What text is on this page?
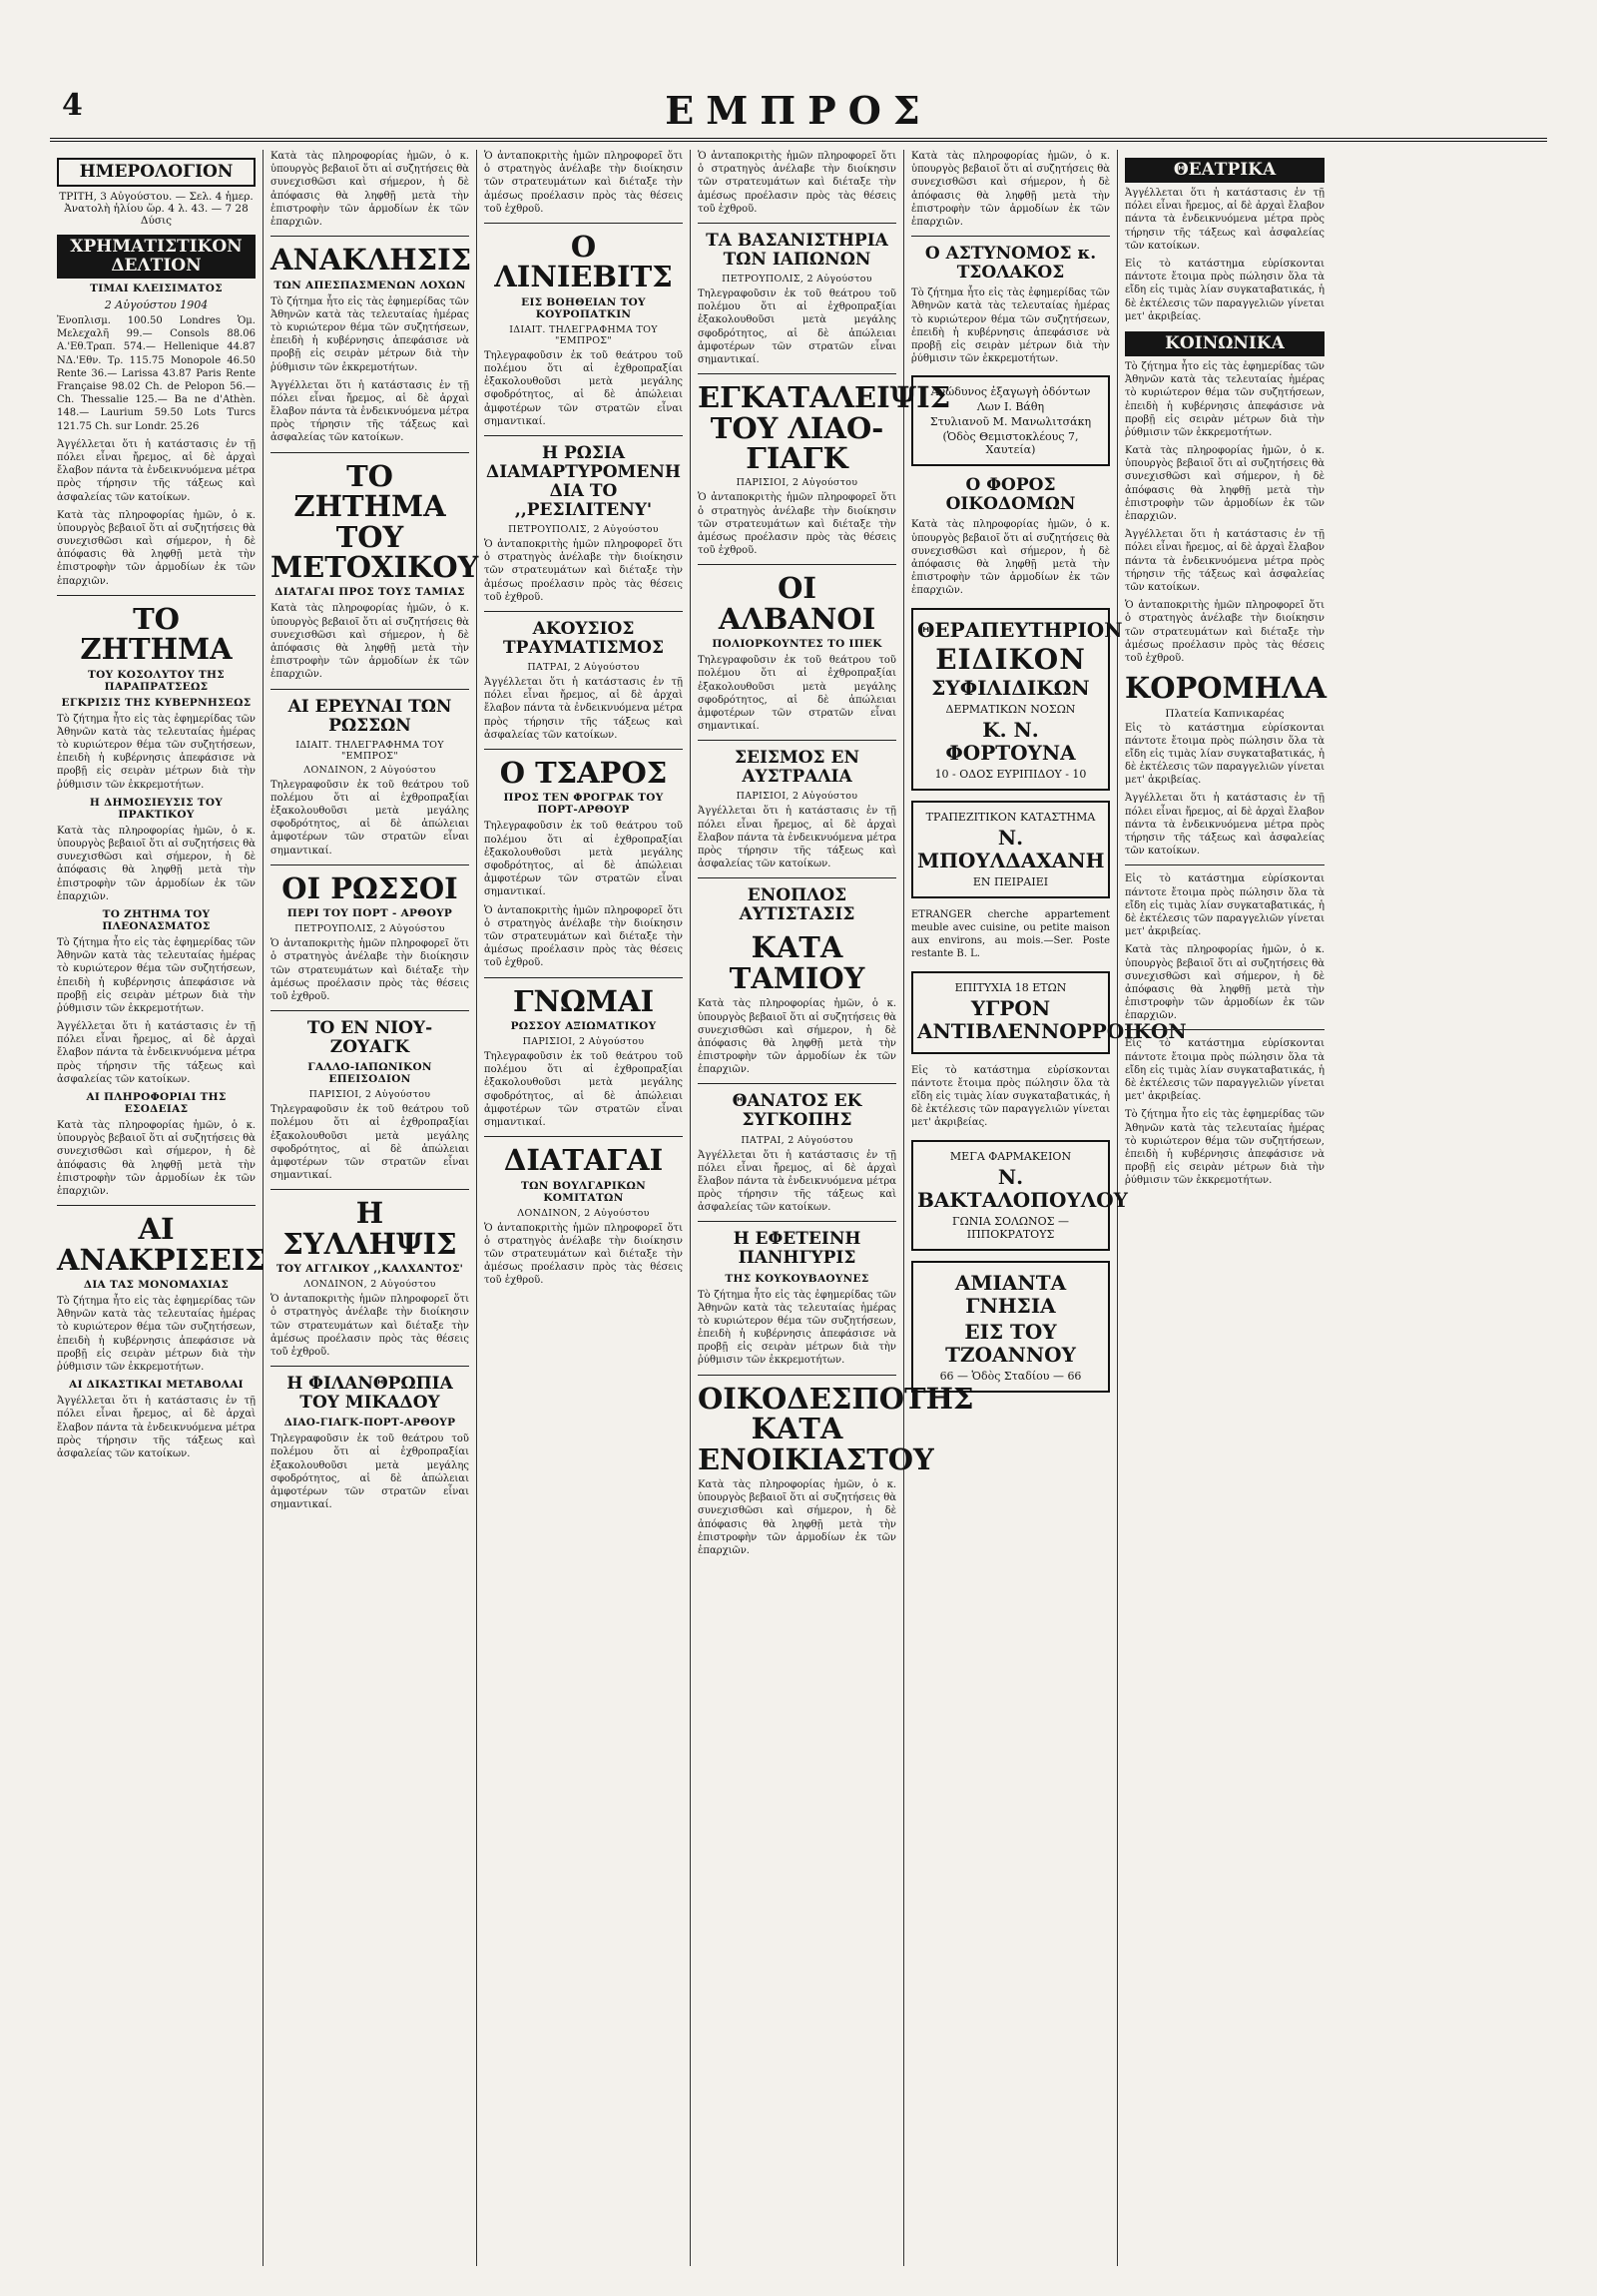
4	ΕΜΠΡΟΣ
ΗΜΕΡΟΛΟΓΙΟΝ
ΤΡΙΤΗ, 3 Αὐγούστου. — Σελ. 4 ἡμερ. Ἀνατολὴ ἡλίου ὥρ. 4 λ. 43. — 7 28 Δύσις
ΧΡΗΜΑΤΙΣΤΙΚΟΝ ΔΕΛΤΙΟΝ
ΤΙΜΑΙ ΚΛΕΙΣΙΜΑΤΟΣ
2 Αὐγούστου 1904
Ἐνοπλισμ. 100.50 Londres Ὁμ. Μελεχαλῆ 99.— Consols 88.06 Α.'Εθ.Τραπ. 574.— Hellenique 44.87 ΝΔ.'Εθν. Τρ. 115.75 Monopole 46.50 Rente 36.— Larissa 43.87 Paris Rente Française 98.02 Ch. de Pelopon 56.— Ch. Thessalie 125.— Ba ne d'Athèn. 148.— Laurium 59.50 Lots Turcs 121.75 Ch. sur Londr. 25.26
Ἀγγέλλεται ὅτι ἡ κατάστασις ἐν τῇ πόλει εἶναι ἤρεμος, αἱ δὲ ἀρχαὶ ἔλαβον πάντα τὰ ἐνδεικνυόμενα μέτρα πρὸς τήρησιν τῆς τάξεως καὶ ἀσφαλείας τῶν κατοίκων.
Κατὰ τὰς πληροφορίας ἡμῶν, ὁ κ. ὑπουργὸς βεβαιοῖ ὅτι αἱ συζητήσεις θὰ συνεχισθῶσι καὶ σήμερον, ἡ δὲ ἀπόφασις θὰ ληφθῇ μετὰ τὴν ἐπιστροφὴν τῶν ἀρμοδίων ἐκ τῶν ἐπαρχιῶν.
ΤΟ ΖΗΤΗΜΑ
ΤΟΥ ΚΟΣΟΛΥΤΟΥ ΤΗΣ ΠΑΡΑΠΡΑΤΣΕΩΣ
ΕΓΚΡΙΣΙΣ ΤΗΣ ΚΥΒΕΡΝΗΣΕΩΣ
Τὸ ζήτημα ἦτο εἰς τὰς ἐφημερίδας τῶν Ἀθηνῶν κατὰ τὰς τελευταίας ἡμέρας τὸ κυριώτερον θέμα τῶν συζητήσεων, ἐπειδὴ ἡ κυβέρνησις ἀπεφάσισε νὰ προβῇ εἰς σειρὰν μέτρων διὰ τὴν ῥύθμισιν τῶν ἐκκρεμοτήτων.
Η ΔΗΜΟΣΙΕΥΣΙΣ ΤΟΥ ΠΡΑΚΤΙΚΟΥ
Κατὰ τὰς πληροφορίας ἡμῶν, ὁ κ. ὑπουργὸς βεβαιοῖ ὅτι αἱ συζητήσεις θὰ συνεχισθῶσι καὶ σήμερον, ἡ δὲ ἀπόφασις θὰ ληφθῇ μετὰ τὴν ἐπιστροφὴν τῶν ἀρμοδίων ἐκ τῶν ἐπαρχιῶν.
ΤΟ ΖΗΤΗΜΑ ΤΟΥ ΠΛΕΟΝΑΣΜΑΤΟΣ
Τὸ ζήτημα ἦτο εἰς τὰς ἐφημερίδας τῶν Ἀθηνῶν κατὰ τὰς τελευταίας ἡμέρας τὸ κυριώτερον θέμα τῶν συζητήσεων, ἐπειδὴ ἡ κυβέρνησις ἀπεφάσισε νὰ προβῇ εἰς σειρὰν μέτρων διὰ τὴν ῥύθμισιν τῶν ἐκκρεμοτήτων.
Ἀγγέλλεται ὅτι ἡ κατάστασις ἐν τῇ πόλει εἶναι ἤρεμος, αἱ δὲ ἀρχαὶ ἔλαβον πάντα τὰ ἐνδεικνυόμενα μέτρα πρὸς τήρησιν τῆς τάξεως καὶ ἀσφαλείας τῶν κατοίκων.
ΑΙ ΠΛΗΡΟΦΟΡΙΑΙ ΤΗΣ ΕΣΟΔΕΙΑΣ
Κατὰ τὰς πληροφορίας ἡμῶν, ὁ κ. ὑπουργὸς βεβαιοῖ ὅτι αἱ συζητήσεις θὰ συνεχισθῶσι καὶ σήμερον, ἡ δὲ ἀπόφασις θὰ ληφθῇ μετὰ τὴν ἐπιστροφὴν τῶν ἀρμοδίων ἐκ τῶν ἐπαρχιῶν.
ΑΙ ΑΝΑΚΡΙΣΕΙΣ
ΔΙΑ ΤΑΣ ΜΟΝΟΜΑΧΙΑΣ
Τὸ ζήτημα ἦτο εἰς τὰς ἐφημερίδας τῶν Ἀθηνῶν κατὰ τὰς τελευταίας ἡμέρας τὸ κυριώτερον θέμα τῶν συζητήσεων, ἐπειδὴ ἡ κυβέρνησις ἀπεφάσισε νὰ προβῇ εἰς σειρὰν μέτρων διὰ τὴν ῥύθμισιν τῶν ἐκκρεμοτήτων.
ΑΙ ΔΙΚΑΣΤΙΚΑΙ ΜΕΤΑΒΟΛΑΙ
Ἀγγέλλεται ὅτι ἡ κατάστασις ἐν τῇ πόλει εἶναι ἤρεμος, αἱ δὲ ἀρχαὶ ἔλαβον πάντα τὰ ἐνδεικνυόμενα μέτρα πρὸς τήρησιν τῆς τάξεως καὶ ἀσφαλείας τῶν κατοίκων.
Κατὰ τὰς πληροφορίας ἡμῶν, ὁ κ. ὑπουργὸς βεβαιοῖ ὅτι αἱ συζητήσεις θὰ συνεχισθῶσι καὶ σήμερον, ἡ δὲ ἀπόφασις θὰ ληφθῇ μετὰ τὴν ἐπιστροφὴν τῶν ἀρμοδίων ἐκ τῶν ἐπαρχιῶν.
ΑΝΑΚΛΗΣΙΣ
ΤΩΝ ΑΠΕΣΠΑΣΜΕΝΩΝ ΛΟΧΩΝ
Τὸ ζήτημα ἦτο εἰς τὰς ἐφημερίδας τῶν Ἀθηνῶν κατὰ τὰς τελευταίας ἡμέρας τὸ κυριώτερον θέμα τῶν συζητήσεων, ἐπειδὴ ἡ κυβέρνησις ἀπεφάσισε νὰ προβῇ εἰς σειρὰν μέτρων διὰ τὴν ῥύθμισιν τῶν ἐκκρεμοτήτων.
Ἀγγέλλεται ὅτι ἡ κατάστασις ἐν τῇ πόλει εἶναι ἤρεμος, αἱ δὲ ἀρχαὶ ἔλαβον πάντα τὰ ἐνδεικνυόμενα μέτρα πρὸς τήρησιν τῆς τάξεως καὶ ἀσφαλείας τῶν κατοίκων.
ΤΟ ΖΗΤΗΜΑ ΤΟΥ ΜΕΤΟΧΙΚΟΥ
ΔΙΑΤΑΓΑΙ ΠΡΟΣ ΤΟΥΣ ΤΑΜΙΑΣ
Κατὰ τὰς πληροφορίας ἡμῶν, ὁ κ. ὑπουργὸς βεβαιοῖ ὅτι αἱ συζητήσεις θὰ συνεχισθῶσι καὶ σήμερον, ἡ δὲ ἀπόφασις θὰ ληφθῇ μετὰ τὴν ἐπιστροφὴν τῶν ἀρμοδίων ἐκ τῶν ἐπαρχιῶν.
ΑΙ ΕΡΕΥΝΑΙ ΤΩΝ ΡΩΣΣΩΝ
ΙΔΙΑΙΤ. ΤΗΛΕΓΡΑΦΗΜΑ ΤΟΥ "ΕΜΠΡΟΣ"
ΛΟΝΔΙΝΟΝ, 2 Αὐγούστου
Τηλεγραφοῦσιν ἐκ τοῦ θεάτρου τοῦ πολέμου ὅτι αἱ ἐχθροπραξίαι ἐξακολουθοῦσι μετὰ μεγάλης σφοδρότητος, αἱ δὲ ἀπώλειαι ἀμφοτέρων τῶν στρατῶν εἶναι σημαντικαί.
ΟΙ ΡΩΣΣΟΙ
ΠΕΡΙ ΤΟΥ ΠΟΡΤ - ΑΡΘΟΥΡ
ΠΕΤΡΟΥΠΟΛΙΣ, 2 Αὐγούστου
Ὁ ἀνταποκριτὴς ἡμῶν πληροφορεῖ ὅτι ὁ στρατηγὸς ἀνέλαβε τὴν διοίκησιν τῶν στρατευμάτων καὶ διέταξε τὴν ἀμέσως προέλασιν πρὸς τὰς θέσεις τοῦ ἐχθροῦ.
ΤΟ ΕΝ ΝΙΟΥ-ΖΟΥΑΓΚ
ΓΑΛΛΟ-ΙΑΠΩΝΙΚΟΝ ΕΠΕΙΣΟΔΙΟΝ
ΠΑΡΙΣΙΟΙ, 2 Αὐγούστου
Τηλεγραφοῦσιν ἐκ τοῦ θεάτρου τοῦ πολέμου ὅτι αἱ ἐχθροπραξίαι ἐξακολουθοῦσι μετὰ μεγάλης σφοδρότητος, αἱ δὲ ἀπώλειαι ἀμφοτέρων τῶν στρατῶν εἶναι σημαντικαί.
Η ΣΥΛΛΗΨΙΣ
ΤΟΥ ΑΓΓΛΙΚΟΥ ,,ΚΑΛΧΑΝΤΟΣ'
ΛΟΝΔΙΝΟΝ, 2 Αὐγούστου
Ὁ ἀνταποκριτὴς ἡμῶν πληροφορεῖ ὅτι ὁ στρατηγὸς ἀνέλαβε τὴν διοίκησιν τῶν στρατευμάτων καὶ διέταξε τὴν ἀμέσως προέλασιν πρὸς τὰς θέσεις τοῦ ἐχθροῦ.
Η ΦΙΛΑΝΘΡΩΠΙΑ ΤΟΥ ΜΙΚΑΔΟΥ
ΔΙΑΟ-ΓΙΑΓΚ-ΠΟΡΤ-ΑΡΘΟΥΡ
Τηλεγραφοῦσιν ἐκ τοῦ θεάτρου τοῦ πολέμου ὅτι αἱ ἐχθροπραξίαι ἐξακολουθοῦσι μετὰ μεγάλης σφοδρότητος, αἱ δὲ ἀπώλειαι ἀμφοτέρων τῶν στρατῶν εἶναι σημαντικαί.
Ὁ ἀνταποκριτὴς ἡμῶν πληροφορεῖ ὅτι ὁ στρατηγὸς ἀνέλαβε τὴν διοίκησιν τῶν στρατευμάτων καὶ διέταξε τὴν ἀμέσως προέλασιν πρὸς τὰς θέσεις τοῦ ἐχθροῦ.
Ο ΛΙΝΙΕΒΙΤΣ
ΕΙΣ ΒΟΗΘΕΙΑΝ ΤΟΥ ΚΟΥΡΟΠΑΤΚΙΝ
ΙΔΙΑΙΤ. ΤΗΛΕΓΡΑΦΗΜΑ ΤΟΥ "ΕΜΠΡΟΣ"
Τηλεγραφοῦσιν ἐκ τοῦ θεάτρου τοῦ πολέμου ὅτι αἱ ἐχθροπραξίαι ἐξακολουθοῦσι μετὰ μεγάλης σφοδρότητος, αἱ δὲ ἀπώλειαι ἀμφοτέρων τῶν στρατῶν εἶναι σημαντικαί.
Η ΡΩΣΙΑ ΔΙΑΜΑΡΤΥΡΟΜΕΝΗ ΔΙΑ ΤΟ ,,ΡΕΣΙΛΙΤΕΝΥ'
ΠΕΤΡΟΥΠΟΛΙΣ, 2 Αὐγούστου
Ὁ ἀνταποκριτὴς ἡμῶν πληροφορεῖ ὅτι ὁ στρατηγὸς ἀνέλαβε τὴν διοίκησιν τῶν στρατευμάτων καὶ διέταξε τὴν ἀμέσως προέλασιν πρὸς τὰς θέσεις τοῦ ἐχθροῦ.
ΑΚΟΥΣΙΟΣ ΤΡΑΥΜΑΤΙΣΜΟΣ
ΠΑΤΡΑΙ, 2 Αὐγούστου
Ἀγγέλλεται ὅτι ἡ κατάστασις ἐν τῇ πόλει εἶναι ἤρεμος, αἱ δὲ ἀρχαὶ ἔλαβον πάντα τὰ ἐνδεικνυόμενα μέτρα πρὸς τήρησιν τῆς τάξεως καὶ ἀσφαλείας τῶν κατοίκων.
Ο ΤΣΑΡΟΣ
ΠΡΟΣ ΤΕΝ ΦΡΟΓΡΑΚ ΤΟΥ ΠΟΡΤ-ΑΡΘΟΥΡ
Τηλεγραφοῦσιν ἐκ τοῦ θεάτρου τοῦ πολέμου ὅτι αἱ ἐχθροπραξίαι ἐξακολουθοῦσι μετὰ μεγάλης σφοδρότητος, αἱ δὲ ἀπώλειαι ἀμφοτέρων τῶν στρατῶν εἶναι σημαντικαί.
Ὁ ἀνταποκριτὴς ἡμῶν πληροφορεῖ ὅτι ὁ στρατηγὸς ἀνέλαβε τὴν διοίκησιν τῶν στρατευμάτων καὶ διέταξε τὴν ἀμέσως προέλασιν πρὸς τὰς θέσεις τοῦ ἐχθροῦ.
ΓΝΩΜΑΙ
ΡΩΣΣΟΥ ΑΞΙΩΜΑΤΙΚΟΥ
ΠΑΡΙΣΙΟΙ, 2 Αὐγούστου
Τηλεγραφοῦσιν ἐκ τοῦ θεάτρου τοῦ πολέμου ὅτι αἱ ἐχθροπραξίαι ἐξακολουθοῦσι μετὰ μεγάλης σφοδρότητος, αἱ δὲ ἀπώλειαι ἀμφοτέρων τῶν στρατῶν εἶναι σημαντικαί.
ΔΙΑΤΑΓΑΙ
ΤΩΝ ΒΟΥΛΓΑΡΙΚΩΝ ΚΟΜΙΤΑΤΩΝ
ΛΟΝΔΙΝΟΝ, 2 Αὐγούστου
Ὁ ἀνταποκριτὴς ἡμῶν πληροφορεῖ ὅτι ὁ στρατηγὸς ἀνέλαβε τὴν διοίκησιν τῶν στρατευμάτων καὶ διέταξε τὴν ἀμέσως προέλασιν πρὸς τὰς θέσεις τοῦ ἐχθροῦ.
Ὁ ἀνταποκριτὴς ἡμῶν πληροφορεῖ ὅτι ὁ στρατηγὸς ἀνέλαβε τὴν διοίκησιν τῶν στρατευμάτων καὶ διέταξε τὴν ἀμέσως προέλασιν πρὸς τὰς θέσεις τοῦ ἐχθροῦ.
ΤΑ ΒΑΣΑΝΙΣΤΗΡΙΑ ΤΩΝ ΙΑΠΩΝΩΝ
ΠΕΤΡΟΥΠΟΛΙΣ, 2 Αὐγούστου
Τηλεγραφοῦσιν ἐκ τοῦ θεάτρου τοῦ πολέμου ὅτι αἱ ἐχθροπραξίαι ἐξακολουθοῦσι μετὰ μεγάλης σφοδρότητος, αἱ δὲ ἀπώλειαι ἀμφοτέρων τῶν στρατῶν εἶναι σημαντικαί.
ΕΓΚΑΤΑΛΕΙΨΙΣ ΤΟΥ ΛΙΑΟ-ΓΙΑΓΚ
ΠΑΡΙΣΙΟΙ, 2 Αὐγούστου
Ὁ ἀνταποκριτὴς ἡμῶν πληροφορεῖ ὅτι ὁ στρατηγὸς ἀνέλαβε τὴν διοίκησιν τῶν στρατευμάτων καὶ διέταξε τὴν ἀμέσως προέλασιν πρὸς τὰς θέσεις τοῦ ἐχθροῦ.
ΟΙ ΑΛΒΑΝΟΙ
ΠΟΛΙΟΡΚΟΥΝΤΕΣ ΤΟ ΙΠΕΚ
Τηλεγραφοῦσιν ἐκ τοῦ θεάτρου τοῦ πολέμου ὅτι αἱ ἐχθροπραξίαι ἐξακολουθοῦσι μετὰ μεγάλης σφοδρότητος, αἱ δὲ ἀπώλειαι ἀμφοτέρων τῶν στρατῶν εἶναι σημαντικαί.
ΣΕΙΣΜΟΣ ΕΝ ΑΥΣΤΡΑΛΙΑ
ΠΑΡΙΣΙΟΙ, 2 Αὐγούστου
Ἀγγέλλεται ὅτι ἡ κατάστασις ἐν τῇ πόλει εἶναι ἤρεμος, αἱ δὲ ἀρχαὶ ἔλαβον πάντα τὰ ἐνδεικνυόμενα μέτρα πρὸς τήρησιν τῆς τάξεως καὶ ἀσφαλείας τῶν κατοίκων.
ΕΝΟΠΛΟΣ ΑΥΤΙΣΤΑΣΙΣ
ΚΑΤΑ ΤΑΜΙΟΥ
Κατὰ τὰς πληροφορίας ἡμῶν, ὁ κ. ὑπουργὸς βεβαιοῖ ὅτι αἱ συζητήσεις θὰ συνεχισθῶσι καὶ σήμερον, ἡ δὲ ἀπόφασις θὰ ληφθῇ μετὰ τὴν ἐπιστροφὴν τῶν ἀρμοδίων ἐκ τῶν ἐπαρχιῶν.
ΘΑΝΑΤΟΣ ΕΚ ΣΥΓΚΟΠΗΣ
ΠΑΤΡΑΙ, 2 Αὐγούστου
Ἀγγέλλεται ὅτι ἡ κατάστασις ἐν τῇ πόλει εἶναι ἤρεμος, αἱ δὲ ἀρχαὶ ἔλαβον πάντα τὰ ἐνδεικνυόμενα μέτρα πρὸς τήρησιν τῆς τάξεως καὶ ἀσφαλείας τῶν κατοίκων.
Η ΕΦΕΤΕΙΝΗ ΠΑΝΗΓΥΡΙΣ
ΤΗΣ ΚΟΥΚΟΥΒΑΟΥΝΕΣ
Τὸ ζήτημα ἦτο εἰς τὰς ἐφημερίδας τῶν Ἀθηνῶν κατὰ τὰς τελευταίας ἡμέρας τὸ κυριώτερον θέμα τῶν συζητήσεων, ἐπειδὴ ἡ κυβέρνησις ἀπεφάσισε νὰ προβῇ εἰς σειρὰν μέτρων διὰ τὴν ῥύθμισιν τῶν ἐκκρεμοτήτων.
ΟΙΚΟΔΕΣΠΟΤΗΣ ΚΑΤΑ ΕΝΟΙΚΙΑΣΤΟΥ
Κατὰ τὰς πληροφορίας ἡμῶν, ὁ κ. ὑπουργὸς βεβαιοῖ ὅτι αἱ συζητήσεις θὰ συνεχισθῶσι καὶ σήμερον, ἡ δὲ ἀπόφασις θὰ ληφθῇ μετὰ τὴν ἐπιστροφὴν τῶν ἀρμοδίων ἐκ τῶν ἐπαρχιῶν.
Κατὰ τὰς πληροφορίας ἡμῶν, ὁ κ. ὑπουργὸς βεβαιοῖ ὅτι αἱ συζητήσεις θὰ συνεχισθῶσι καὶ σήμερον, ἡ δὲ ἀπόφασις θὰ ληφθῇ μετὰ τὴν ἐπιστροφὴν τῶν ἀρμοδίων ἐκ τῶν ἐπαρχιῶν.
Ο ΑΣΤΥΝΟΜΟΣ κ. ΤΣΟΛΑΚΟΣ
Τὸ ζήτημα ἦτο εἰς τὰς ἐφημερίδας τῶν Ἀθηνῶν κατὰ τὰς τελευταίας ἡμέρας τὸ κυριώτερον θέμα τῶν συζητήσεων, ἐπειδὴ ἡ κυβέρνησις ἀπεφάσισε νὰ προβῇ εἰς σειρὰν μέτρων διὰ τὴν ῥύθμισιν τῶν ἐκκρεμοτήτων.
Ἀνώδυνος ἐξαγωγὴ ὀδόντων
Λων Ι. Βάθη
Στυλιανοῦ Μ. Μανωλιτσάκη
(Ὁδὸς Θεμιστοκλέους 7, Χαυτεία)
Ο ΦΟΡΟΣ ΟΙΚΟΔΟΜΩΝ
Κατὰ τὰς πληροφορίας ἡμῶν, ὁ κ. ὑπουργὸς βεβαιοῖ ὅτι αἱ συζητήσεις θὰ συνεχισθῶσι καὶ σήμερον, ἡ δὲ ἀπόφασις θὰ ληφθῇ μετὰ τὴν ἐπιστροφὴν τῶν ἀρμοδίων ἐκ τῶν ἐπαρχιῶν.
ΘΕΡΑΠΕΥΤΗΡΙΟΝ
ΕΙΔΙΚΟΝ
ΣΥΦΙΛΙΔΙΚΩΝ
ΔΕΡΜΑΤΙΚΩΝ ΝΟΣΩΝ
Κ. Ν. ΦΟΡΤΟΥΝΑ
10 - ΟΔΟΣ ΕΥΡΙΠΙΔΟΥ - 10
ΤΡΑΠΕΖΙΤΙΚΟΝ ΚΑΤΑΣΤΗΜΑ
Ν. ΜΠΟΥΛΔΑΧΑΝΗ
ΕΝ ΠΕΙΡΑΙΕΙ
ETRANGER cherche appartement meuble avec cuisine, ou petite maison aux environs, au mois.—Ser. Poste restante B. L.
ΕΠΙΤΥΧΙΑ 18 ΕΤΩΝ
ΥΓΡΟΝ ΑΝΤΙΒΛΕΝΝΟΡΡΟΙΚΟΝ
Εἰς τὸ κατάστημα εὑρίσκονται πάντοτε ἔτοιμα πρὸς πώλησιν ὅλα τὰ εἴδη εἰς τιμὰς λίαν συγκαταβατικάς, ἡ δὲ ἐκτέλεσις τῶν παραγγελιῶν γίνεται μετ' ἀκριβείας.
ΜΕΓΑ ΦΑΡΜΑΚΕΙΟΝ
Ν. ΒΑΚΤΑΛΟΠΟΥΛΟΥ
ΓΩΝΙΑ ΣΟΛΩΝΟΣ — ΙΠΠΟΚΡΑΤΟΥΣ
ΑΜΙΑΝΤΑ ΓΝΗΣΙΑ
ΕΙΣ ΤΟΥ ΤΖΟΑΝΝΟΥ
66 — Ὁδὸς Σταδίου — 66
ΘΕΑΤΡΙΚΑ
Ἀγγέλλεται ὅτι ἡ κατάστασις ἐν τῇ πόλει εἶναι ἤρεμος, αἱ δὲ ἀρχαὶ ἔλαβον πάντα τὰ ἐνδεικνυόμενα μέτρα πρὸς τήρησιν τῆς τάξεως καὶ ἀσφαλείας τῶν κατοίκων.
Εἰς τὸ κατάστημα εὑρίσκονται πάντοτε ἔτοιμα πρὸς πώλησιν ὅλα τὰ εἴδη εἰς τιμὰς λίαν συγκαταβατικάς, ἡ δὲ ἐκτέλεσις τῶν παραγγελιῶν γίνεται μετ' ἀκριβείας.
ΚΟΙΝΩΝΙΚΑ
Τὸ ζήτημα ἦτο εἰς τὰς ἐφημερίδας τῶν Ἀθηνῶν κατὰ τὰς τελευταίας ἡμέρας τὸ κυριώτερον θέμα τῶν συζητήσεων, ἐπειδὴ ἡ κυβέρνησις ἀπεφάσισε νὰ προβῇ εἰς σειρὰν μέτρων διὰ τὴν ῥύθμισιν τῶν ἐκκρεμοτήτων.
Κατὰ τὰς πληροφορίας ἡμῶν, ὁ κ. ὑπουργὸς βεβαιοῖ ὅτι αἱ συζητήσεις θὰ συνεχισθῶσι καὶ σήμερον, ἡ δὲ ἀπόφασις θὰ ληφθῇ μετὰ τὴν ἐπιστροφὴν τῶν ἀρμοδίων ἐκ τῶν ἐπαρχιῶν.
Ἀγγέλλεται ὅτι ἡ κατάστασις ἐν τῇ πόλει εἶναι ἤρεμος, αἱ δὲ ἀρχαὶ ἔλαβον πάντα τὰ ἐνδεικνυόμενα μέτρα πρὸς τήρησιν τῆς τάξεως καὶ ἀσφαλείας τῶν κατοίκων.
Ὁ ἀνταποκριτὴς ἡμῶν πληροφορεῖ ὅτι ὁ στρατηγὸς ἀνέλαβε τὴν διοίκησιν τῶν στρατευμάτων καὶ διέταξε τὴν ἀμέσως προέλασιν πρὸς τὰς θέσεις τοῦ ἐχθροῦ.
ΚΟΡΟΜΗΛΑ
Πλατεία Καπνικαρέας
Εἰς τὸ κατάστημα εὑρίσκονται πάντοτε ἔτοιμα πρὸς πώλησιν ὅλα τὰ εἴδη εἰς τιμὰς λίαν συγκαταβατικάς, ἡ δὲ ἐκτέλεσις τῶν παραγγελιῶν γίνεται μετ' ἀκριβείας.
Ἀγγέλλεται ὅτι ἡ κατάστασις ἐν τῇ πόλει εἶναι ἤρεμος, αἱ δὲ ἀρχαὶ ἔλαβον πάντα τὰ ἐνδεικνυόμενα μέτρα πρὸς τήρησιν τῆς τάξεως καὶ ἀσφαλείας τῶν κατοίκων.
Εἰς τὸ κατάστημα εὑρίσκονται πάντοτε ἔτοιμα πρὸς πώλησιν ὅλα τὰ εἴδη εἰς τιμὰς λίαν συγκαταβατικάς, ἡ δὲ ἐκτέλεσις τῶν παραγγελιῶν γίνεται μετ' ἀκριβείας.
Κατὰ τὰς πληροφορίας ἡμῶν, ὁ κ. ὑπουργὸς βεβαιοῖ ὅτι αἱ συζητήσεις θὰ συνεχισθῶσι καὶ σήμερον, ἡ δὲ ἀπόφασις θὰ ληφθῇ μετὰ τὴν ἐπιστροφὴν τῶν ἀρμοδίων ἐκ τῶν ἐπαρχιῶν.
Εἰς τὸ κατάστημα εὑρίσκονται πάντοτε ἔτοιμα πρὸς πώλησιν ὅλα τὰ εἴδη εἰς τιμὰς λίαν συγκαταβατικάς, ἡ δὲ ἐκτέλεσις τῶν παραγγελιῶν γίνεται μετ' ἀκριβείας.
Τὸ ζήτημα ἦτο εἰς τὰς ἐφημερίδας τῶν Ἀθηνῶν κατὰ τὰς τελευταίας ἡμέρας τὸ κυριώτερον θέμα τῶν συζητήσεων, ἐπειδὴ ἡ κυβέρνησις ἀπεφάσισε νὰ προβῇ εἰς σειρὰν μέτρων διὰ τὴν ῥύθμισιν τῶν ἐκκρεμοτήτων.
